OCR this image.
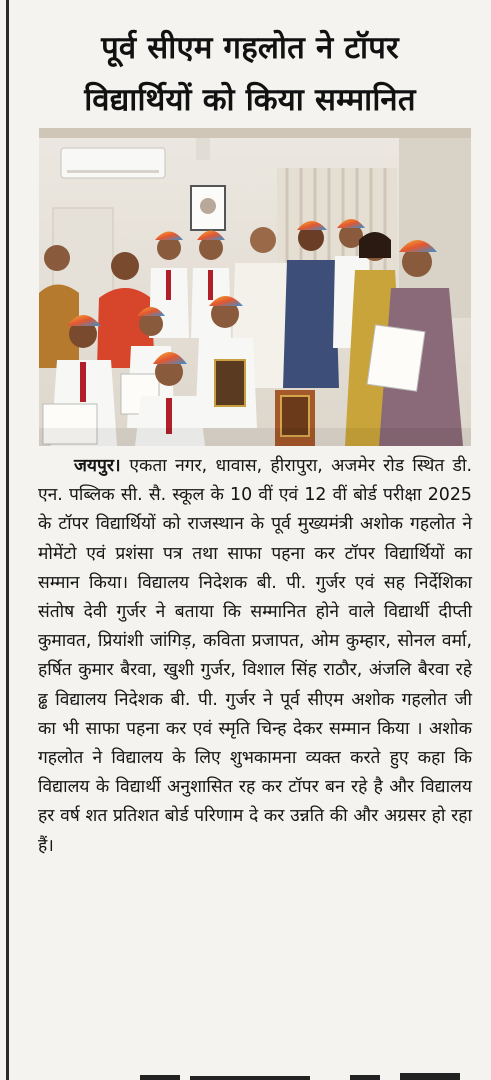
पूर्व सीएम गहलोत ने टॉपर
विद्यार्थियों को किया सम्मानित
जयपुर। एकता नगर, धावास, हीरापुरा, अजमेर रोड स्थित डी. एन. पब्लिक सी. सै. स्कूल के 10 वीं एवं 12 वीं बोर्ड परीक्षा 2025 के टॉपर विद्यार्थियों को राजस्थान के पूर्व मुख्यमंत्री अशोक गहलोत ने मोमेंटो एवं प्रशंसा पत्र तथा साफा पहना कर टॉपर विद्यार्थियों का सम्मान किया। विद्यालय निदेशक बी. पी. गुर्जर एवं सह निर्देशिका संतोष देवी गुर्जर ने बताया कि सम्मानित होने वाले विद्यार्थी दीप्ती कुमावत, प्रियांशी जांगिड़, कविता प्रजापत, ओम कुम्हार, सोनल वर्मा, हर्षित कुमार बैरवा, खुशी गुर्जर, विशाल सिंह राठौर, अंजलि बैरवा रहे ढ्ढ विद्यालय निदेशक बी. पी. गुर्जर ने पूर्व सीएम अशोक गहलोत जी का भी साफा पहना कर एवं स्मृति चिन्ह देकर सम्मान किया । अशोक गहलोत ने विद्यालय के लिए शुभकामना व्यक्त करते हुए कहा कि विद्यालय के विद्यार्थी अनुशासित रह कर टॉपर बन रहे है और विद्यालय हर वर्ष शत प्रतिशत बोर्ड परिणाम दे कर उन्नति की और अग्रसर हो रहा हैं।
